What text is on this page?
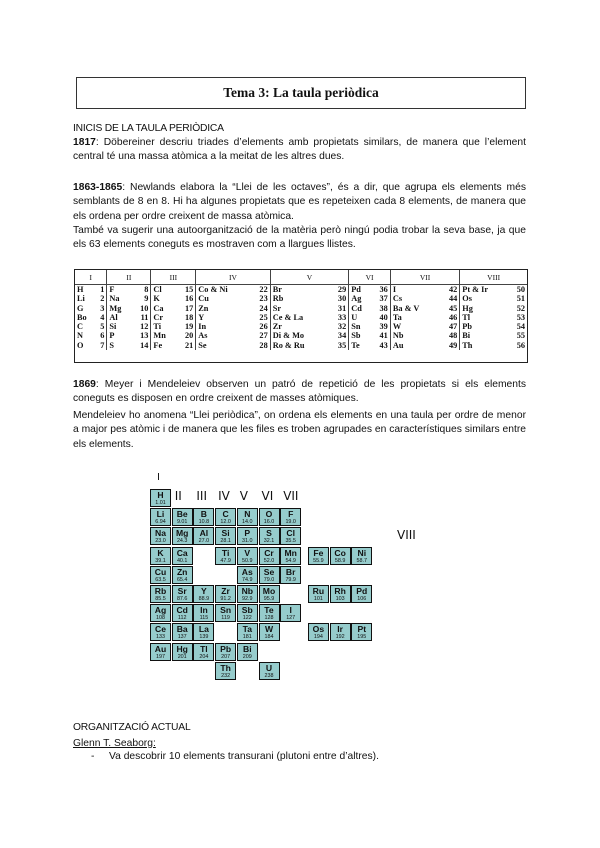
Tema 3: La taula periòdica
INICIS DE LA TAULA PERIÒDICA

1817: Döbereiner descriu triades d’elements amb propietats similars, de manera que l’element central té una massa atòmica a la meitat de les altres dues.

1863-1865: Newlands elabora la “Llei de les octaves”, és a dir, que agrupa els elements més semblants de 8 en 8. Hi ha algunes propietats que es repeteixen cada 8 elements, de manera que els ordena per ordre creixent de massa atòmica.

També va sugerir una autoorganització de la matèria però ningú podia trobar la seva base, ja que els 63 elements coneguts es mostraven com a llargues llistes.

I	II	III	IV	V	VI	VII	VIII
H 1	F 8	Cl 15	Co & Ni 22	Br 29	Pd 36	I 42	Pt & Ir 50

Li 2	Na 9	K 16	Cu 23	Rb 30	Ag 37	Cs 44	Os 51

G 3	Mg 10	Ca 17	Zn 24	Sr 31	Cd 38	Ba & V 45	Hg 52

Bo 4	Al 11	Cr 18	Y 25	Ce & La 33	U 40	Ta 46	Tl 53

C 5	Si 12	Ti 19	In 26	Zr 32	Sn 39	W 47	Pb 54

N 6	P 13	Mn 20	As 27	Di & Mo 34	Sb 41	Nb 48	Bi 55

O 7	S 14	Fe 21	Se 28	Ro & Ru 35	Te 43	Au 49	Th 56

1869: Meyer i Mendeleiev observen un patró de repetició de les propietats si els elements coneguts es disposen en ordre creixent de masses atòmiques.

Mendeleiev ho anomena “Llei periòdica”, on ordena els elements en una taula per ordre de menor a major pes atòmic i de manera que les files es troben agrupades en característiques similars entre els elements.

H
1.01
Li
6.94
Be
9.01
B
10.8
C
12.0
N
14.0
O
16.0
F
19.0
Na
23.0
Mg
24.3
Al
27.0
Si
28.1
P
31.0
S
32.1
Cl
35.5
K
39.1
Ca
40.1
Ti
47.9
V
50.9
Cr
52.0
Mn
54.9
Fe
55.9
Co
58.9
Ni
58.7
Cu
63.5
Zn
65.4
As
74.9
Se
79.0
Br
79.9
Rb
85.5
Sr
87.6
Y
88.9
Zr
91.2
Nb
92.9
Mo
95.9
Ru
101
Rh
103
Pd
106
Ag
108
Cd
112
In
115
Sn
119
Sb
122
Te
128
I
127
Ce
133
Ba
137
La
139
Ta
181
W
184
Os
194
Ir
192
Pt
195
Au
197
Hg
201
Tl
204
Pb
207
Bi
209
Th
232
U
238
I
II III IV V VI VII
VIII
ORGANITZACIÓ ACTUAL
Glenn T. Seaborg:
- Va descobrir 10 elements transurani (plutoni entre d’altres).
